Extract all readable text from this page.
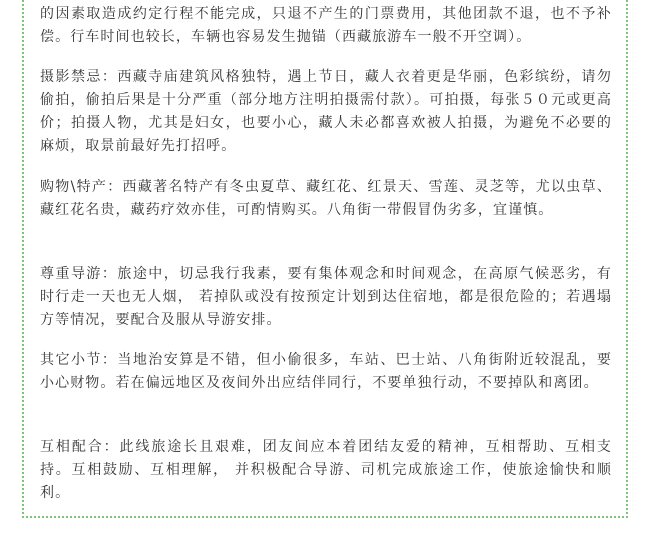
的因素取造成约定行程不能完成，只退不产生的门票费用，其他团款不退，也不予补偿。行车时间也较长，车辆也容易发生抛锚（西藏旅游车一般不开空调）。

摄影禁忌：西藏寺庙建筑风格独特，遇上节日，藏人衣着更是华丽，色彩缤纷，请勿偷拍，偷拍后果是十分严重（部分地方注明拍摄需付款）。可拍摄，每张５０元或更高价；拍摄人物，尤其是妇女，也要小心，藏人未必都喜欢被人拍摄，为避免不必要的麻烦，取景前最好先打招呼。

购物\特产：西藏著名特产有冬虫夏草、藏红花、红景天、雪莲、灵芝等，尤以虫草、藏红花名贵，藏药疗效亦佳，可酌情购买。八角街一带假冒伪劣多，宜谨慎。

尊重导游：旅途中，切忌我行我素，要有集体观念和时间观念，在高原气候恶劣，有时行走一天也无人烟， 若掉队或没有按预定计划到达住宿地，都是很危险的；若遇塌方等情况，要配合及服从导游安排。

其它小节：当地治安算是不错，但小偷很多，车站、巴士站、八角街附近较混乱，要小心财物。若在偏远地区及夜间外出应结伴同行，不要单独行动，不要掉队和离团。

互相配合：此线旅途长且艰难，团友间应本着团结友爱的精神，互相帮助、互相支持。互相鼓励、互相理解， 并积极配合导游、司机完成旅途工作，使旅途愉快和顺利。
